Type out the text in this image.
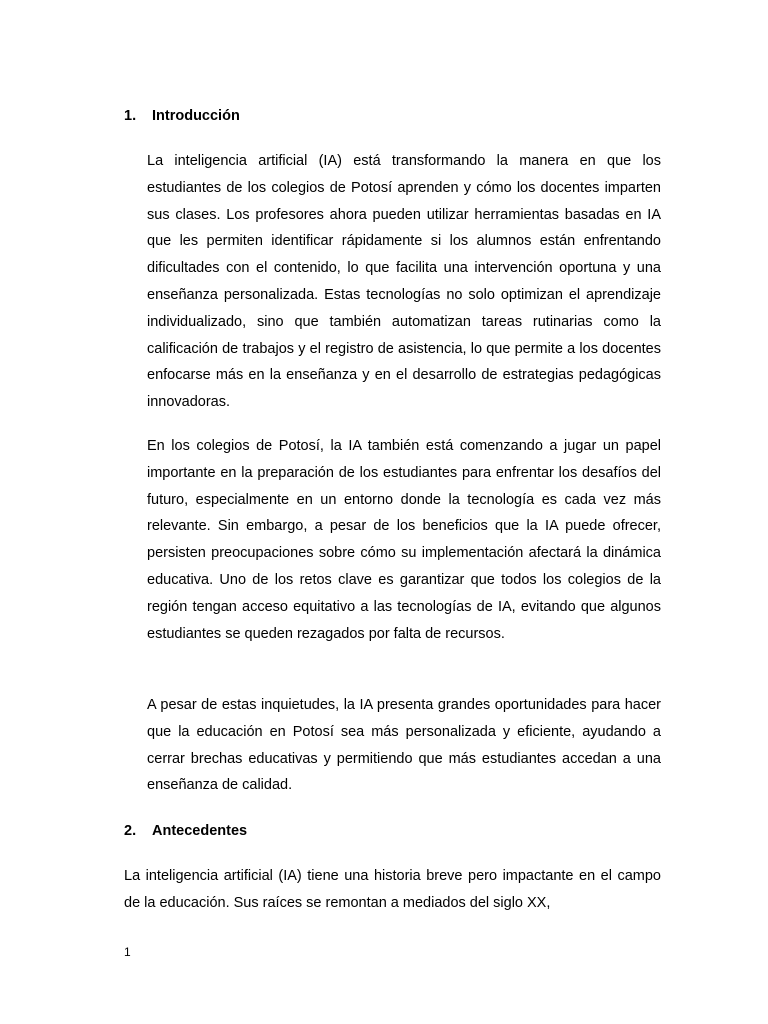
1. Introducción

La inteligencia artificial (IA) está transformando la manera en que los estudiantes de los colegios de Potosí aprenden y cómo los docentes imparten sus clases. Los profesores ahora pueden utilizar herramientas basadas en IA que les permiten identificar rápidamente si los alumnos están enfrentando dificultades con el contenido, lo que facilita una intervención oportuna y una enseñanza personalizada. Estas tecnologías no solo optimizan el aprendizaje individualizado, sino que también automatizan tareas rutinarias como la calificación de trabajos y el registro de asistencia, lo que permite a los docentes enfocarse más en la enseñanza y en el desarrollo de estrategias pedagógicas innovadoras.

En los colegios de Potosí, la IA también está comenzando a jugar un papel importante en la preparación de los estudiantes para enfrentar los desafíos del futuro, especialmente en un entorno donde la tecnología es cada vez más relevante. Sin embargo, a pesar de los beneficios que la IA puede ofrecer, persisten preocupaciones sobre cómo su implementación afectará la dinámica educativa. Uno de los retos clave es garantizar que todos los colegios de la región tengan acceso equitativo a las tecnologías de IA, evitando que algunos estudiantes se queden rezagados por falta de recursos.

A pesar de estas inquietudes, la IA presenta grandes oportunidades para hacer que la educación en Potosí sea más personalizada y eficiente, ayudando a cerrar brechas educativas y permitiendo que más estudiantes accedan a una enseñanza de calidad.

2. Antecedentes

La inteligencia artificial (IA) tiene una historia breve pero impactante en el campo de la educación. Sus raíces se remontan a mediados del siglo XX,

1
